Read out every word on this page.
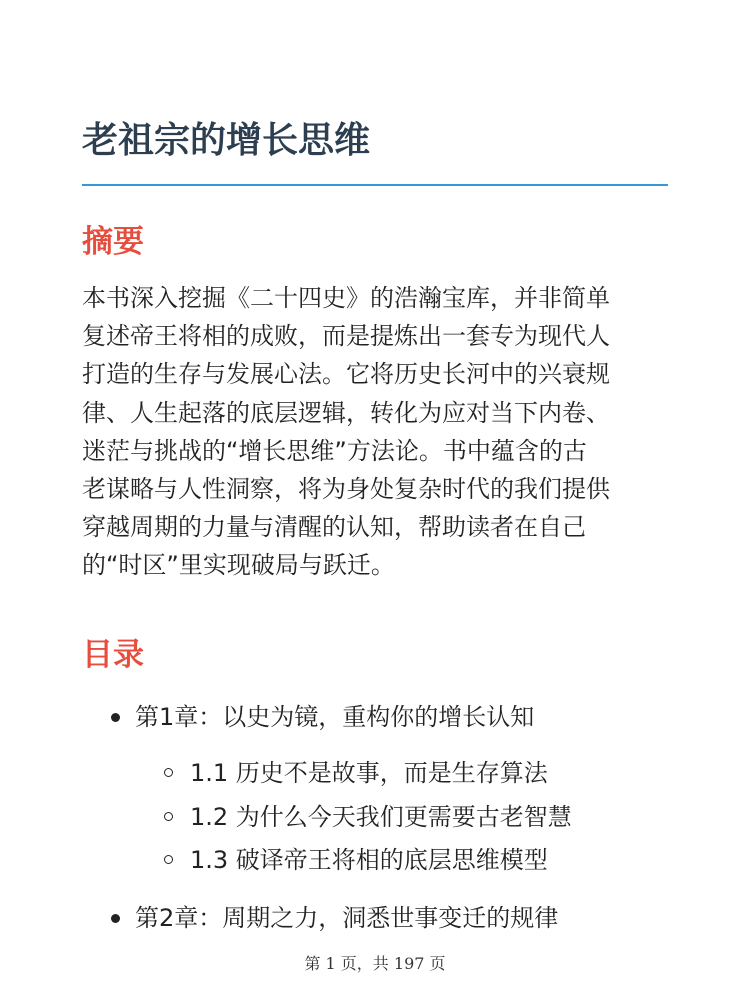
老祖宗的增长思维
摘要

本书深入挖掘《二十四史》的浩瀚宝库，并非简单
复述帝王将相的成败，而是提炼出一套专为现代人
打造的生存与发展心法。它将历史长河中的兴衰规
律、人生起落的底层逻辑，转化为应对当下内卷、
迷茫与挑战的“增长思维”方法论。书中蕴含的古
老谋略与人性洞察，将为身处复杂时代的我们提供
穿越周期的力量与清醒的认知，帮助读者在自己
的“时区”里实现破局与跃迁。

目录
第1章：以史为镜，重构你的增长认知
1.1 历史不是故事，而是生存算法
1.2 为什么今天我们更需要古老智慧
1.3 破译帝王将相的底层思维模型
第2章：周期之力，洞悉世事变迁的规律
第 1 页，共 197 页
